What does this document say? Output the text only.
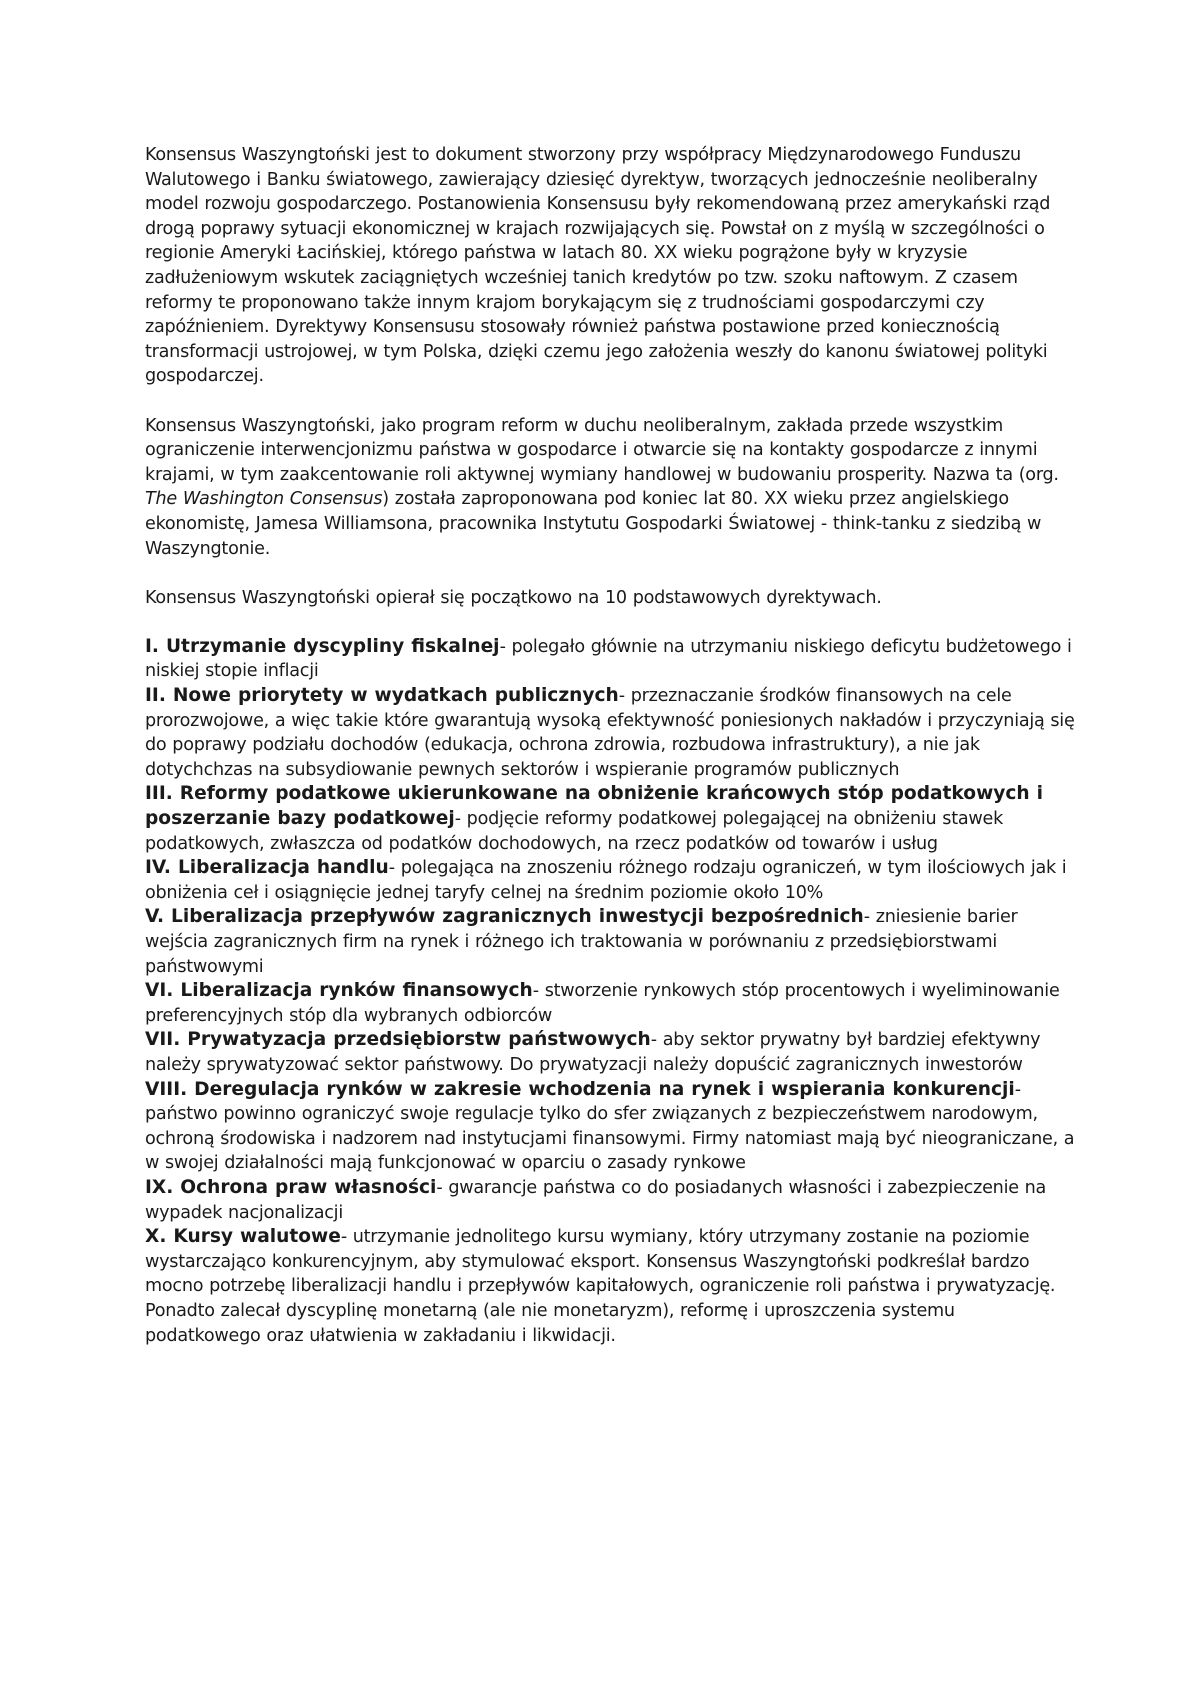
Konsensus Waszyngtoński jest to dokument stworzony przy współpracy Międzynarodowego Funduszu Walutowego i Banku światowego, zawierający dziesięć dyrektyw, tworzących jednocześnie neoliberalny model rozwoju gospodarczego. Postanowienia Konsensusu były rekomendowaną przez amerykański rząd drogą poprawy sytuacji ekonomicznej w krajach rozwijających się. Powstał on z myślą w szczególności o regionie Ameryki Łacińskiej, którego państwa w latach 80. XX wieku pogrążone były w kryzysie zadłużeniowym wskutek zaciągniętych wcześniej tanich kredytów po tzw. szoku naftowym. Z czasem reformy te proponowano także innym krajom borykającym się z trudnościami gospodarczymi czy zapóźnieniem. Dyrektywy Konsensusu stosowały również państwa postawione przed koniecznością transformacji ustrojowej, w tym Polska, dzięki czemu jego założenia weszły do kanonu światowej polityki gospodarczej.

Konsensus Waszyngtoński, jako program reform w duchu neoliberalnym, zakłada przede wszystkim ograniczenie interwencjonizmu państwa w gospodarce i otwarcie się na kontakty gospodarcze z innymi krajami, w tym zaakcentowanie roli aktywnej wymiany handlowej w budowaniu prosperity. Nazwa ta (org. The Washington Consensus) została zaproponowana pod koniec lat 80. XX wieku przez angielskiego ekonomistę, Jamesa Williamsona, pracownika Instytutu Gospodarki Światowej - think-tanku z siedzibą w Waszyngtonie.

Konsensus Waszyngtoński opierał się początkowo na 10 podstawowych dyrektywach.

I. Utrzymanie dyscypliny fiskalnej- polegało głównie na utrzymaniu niskiego deficytu budżetowego i niskiej stopie inflacji
II. Nowe priorytety w wydatkach publicznych- przeznaczanie środków finansowych na cele prorozwojowe, a więc takie które gwarantują wysoką efektywność poniesionych nakładów i przyczyniają się do poprawy podziału dochodów (edukacja, ochrona zdrowia, rozbudowa infrastruktury), a nie jak dotychchzas na subsydiowanie pewnych sektorów i wspieranie programów publicznych
III. Reformy podatkowe ukierunkowane na obniżenie krańcowych stóp podatkowych i poszerzanie bazy podatkowej- podjęcie reformy podatkowej polegającej na obniżeniu stawek podatkowych, zwłaszcza od podatków dochodowych, na rzecz podatków od towarów i usług
IV. Liberalizacja handlu- polegająca na znoszeniu różnego rodzaju ograniczeń, w tym ilościowych jak i obniżenia ceł i osiągnięcie jednej taryfy celnej na średnim poziomie około 10%
V. Liberalizacja przepływów zagranicznych inwestycji bezpośrednich- zniesienie barier wejścia zagranicznych firm na rynek i różnego ich traktowania w porównaniu z przedsiębiorstwami państwowymi
VI. Liberalizacja rynków finansowych- stworzenie rynkowych stóp procentowych i wyeliminowanie preferencyjnych stóp dla wybranych odbiorców
VII. Prywatyzacja przedsiębiorstw państwowych- aby sektor prywatny był bardziej efektywny należy sprywatyzować sektor państwowy. Do prywatyzacji należy dopuścić zagranicznych inwestorów
VIII. Deregulacja rynków w zakresie wchodzenia na rynek i wspierania konkurencji- państwo powinno ograniczyć swoje regulacje tylko do sfer związanych z bezpieczeństwem narodowym, ochroną środowiska i nadzorem nad instytucjami finansowymi. Firmy natomiast mają być nieograniczane, a w swojej działalności mają funkcjonować w oparciu o zasady rynkowe
IX. Ochrona praw własności- gwarancje państwa co do posiadanych własności i zabezpieczenie na wypadek nacjonalizacji
X. Kursy walutowe- utrzymanie jednolitego kursu wymiany, który utrzymany zostanie na poziomie wystarczająco konkurencyjnym, aby stymulować eksport. Konsensus Waszyngtoński podkreślał bardzo mocno potrzebę liberalizacji handlu i przepływów kapitałowych, ograniczenie roli państwa i prywatyzację. Ponadto zalecał dyscyplinę monetarną (ale nie monetaryzm), reformę i uproszczenia systemu podatkowego oraz ułatwienia w zakładaniu i likwidacji.
